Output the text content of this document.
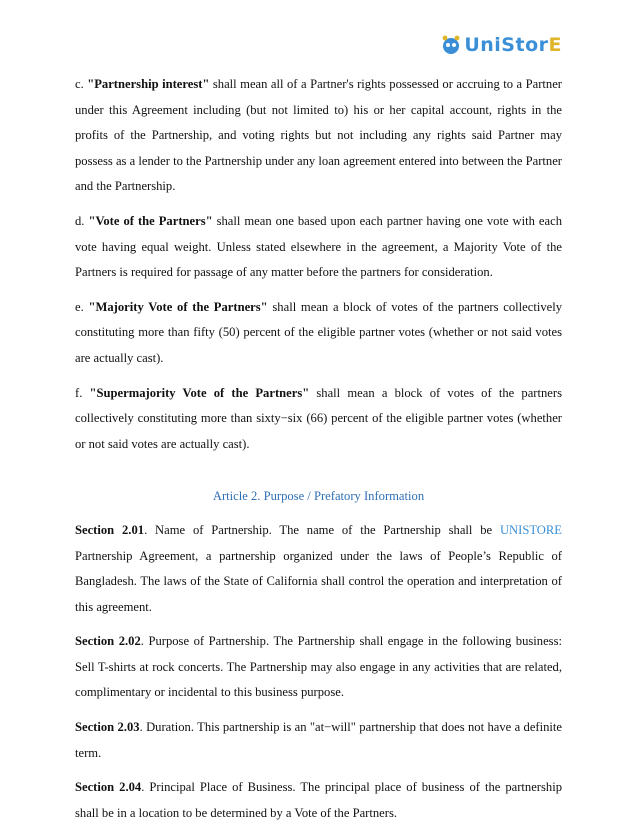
UniStor E

c. "Partnership interest" shall mean all of a Partner's rights possessed or accruing to a Partner under this Agreement including (but not limited to) his or her capital account, rights in the profits of the Partnership, and voting rights but not including any rights said Partner may possess as a lender to the Partnership under any loan agreement entered into between the Partner and the Partnership.

d. "Vote of the Partners" shall mean one based upon each partner having one vote with each vote having equal weight. Unless stated elsewhere in the agreement, a Majority Vote of the Partners is required for passage of any matter before the partners for consideration.

e. "Majority Vote of the Partners" shall mean a block of votes of the partners collectively constituting more than fifty (50) percent of the eligible partner votes (whether or not said votes are actually cast).

f. "Supermajority Vote of the Partners" shall mean a block of votes of the partners collectively constituting more than sixty−six (66) percent of the eligible partner votes (whether or not said votes are actually cast).

Article 2. Purpose / Prefatory Information

Section 2.01. Name of Partnership. The name of the Partnership shall be UNISTORE Partnership Agreement, a partnership organized under the laws of People’s Republic of Bangladesh. The laws of the State of California shall control the operation and interpretation of this agreement.

Section 2.02. Purpose of Partnership. The Partnership shall engage in the following business: Sell T-shirts at rock concerts. The Partnership may also engage in any activities that are related, complimentary or incidental to this business purpose.

Section 2.03. Duration. This partnership is an "at−will" partnership that does not have a definite term.

Section 2.04. Principal Place of Business. The principal place of business of the partnership shall be in a location to be determined by a Vote of the Partners.
